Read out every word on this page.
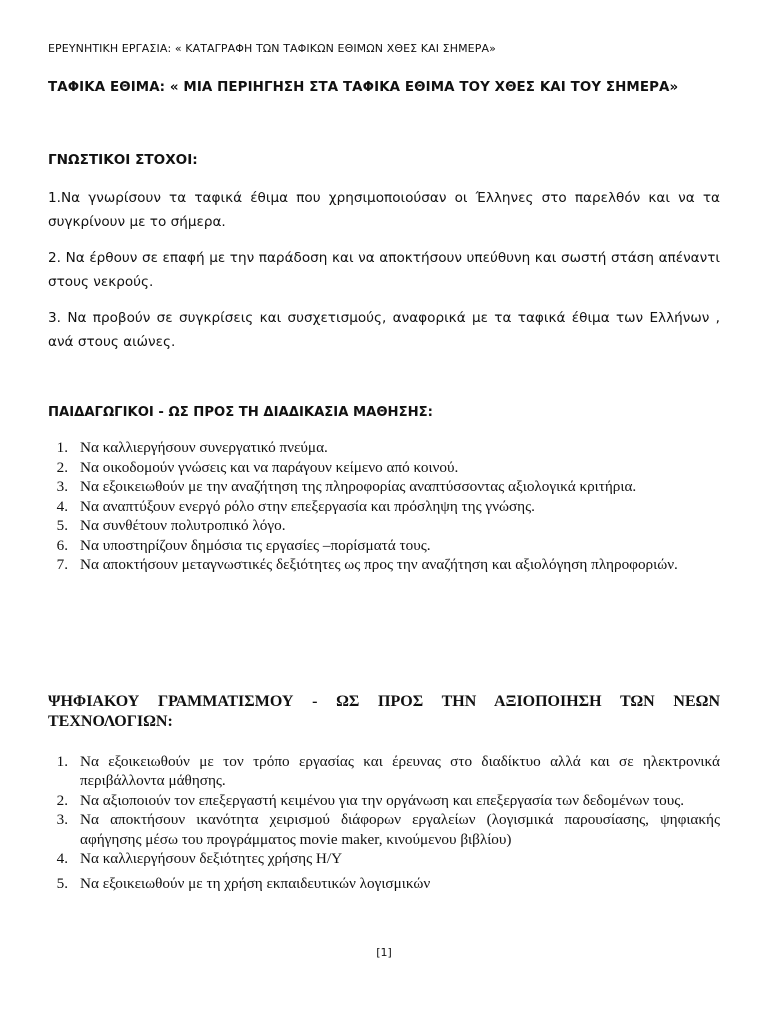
ΕΡΕΥΝΗΤΙΚΗ ΕΡΓΑΣΙΑ: « ΚΑΤΑΓΡΑΦΗ ΤΩΝ ΤΑΦΙΚΩΝ ΕΘΙΜΩΝ ΧΘΕΣ ΚΑΙ ΣΗΜΕΡΑ»
ΤΑΦΙΚΑ ΕΘΙΜΑ: « ΜΙΑ ΠΕΡΙΗΓΗΣΗ ΣΤΑ ΤΑΦΙΚΑ ΕΘΙΜΑ ΤΟΥ ΧΘΕΣ ΚΑΙ ΤΟΥ ΣΗΜΕΡΑ»
ΓΝΩΣΤΙΚΟΙ ΣΤΟΧΟΙ:
1.Να γνωρίσουν τα ταφικά έθιμα που χρησιμοποιούσαν οι Έλληνες στο παρελθόν και να τα συγκρίνουν με το σήμερα.
2. Να έρθουν σε επαφή με την παράδοση και να αποκτήσουν υπεύθυνη και σωστή στάση απέναντι στους νεκρούς.
3. Να προβούν σε συγκρίσεις και συσχετισμούς, αναφορικά με τα ταφικά έθιμα των Ελλήνων , ανά στους αιώνες.
ΠΑΙΔΑΓΩΓΙΚΟΙ - ΩΣ ΠΡΟΣ ΤΗ ΔΙΑΔΙΚΑΣΙΑ ΜΑΘΗΣΗΣ:
1. Να καλλιεργήσουν συνεργατικό πνεύμα.
2. Να οικοδομούν γνώσεις και να παράγουν κείμενο από κοινού.
3. Να εξοικειωθούν με την αναζήτηση της πληροφορίας αναπτύσσοντας αξιολογικά κριτήρια.
4. Να αναπτύξουν ενεργό ρόλο στην επεξεργασία και πρόσληψη της γνώσης.
5. Να συνθέτουν πολυτροπικό λόγο.
6. Να υποστηρίζουν δημόσια τις εργασίες –πορίσματά τους.
7. Να αποκτήσουν μεταγνωστικές δεξιότητες ως προς την αναζήτηση και αξιολόγηση πληροφοριών.
ΨΗΦΙΑΚΟΥ ΓΡΑΜΜΑΤΙΣΜΟΥ - ΩΣ ΠΡΟΣ ΤΗΝ ΑΞΙΟΠΟΙΗΣΗ ΤΩΝ ΝΕΩΝ ΤΕΧΝΟΛΟΓΙΩΝ:
1. Να εξοικειωθούν με τον τρόπο εργασίας και έρευνας στο διαδίκτυο αλλά και σε ηλεκτρονικά περιβάλλοντα μάθησης.
2. Να αξιοποιούν τον επεξεργαστή κειμένου για την οργάνωση και επεξεργασία των δεδομένων τους.
3. Να αποκτήσουν ικανότητα χειρισμού διάφορων εργαλείων (λογισμικά παρουσίασης, ψηφιακής αφήγησης μέσω του προγράμματος movie maker, κινούμενου βιβλίου)
4. Να καλλιεργήσουν δεξιότητες χρήσης Η/Υ
5. Να εξοικειωθούν με τη χρήση εκπαιδευτικών λογισμικών
[1]
